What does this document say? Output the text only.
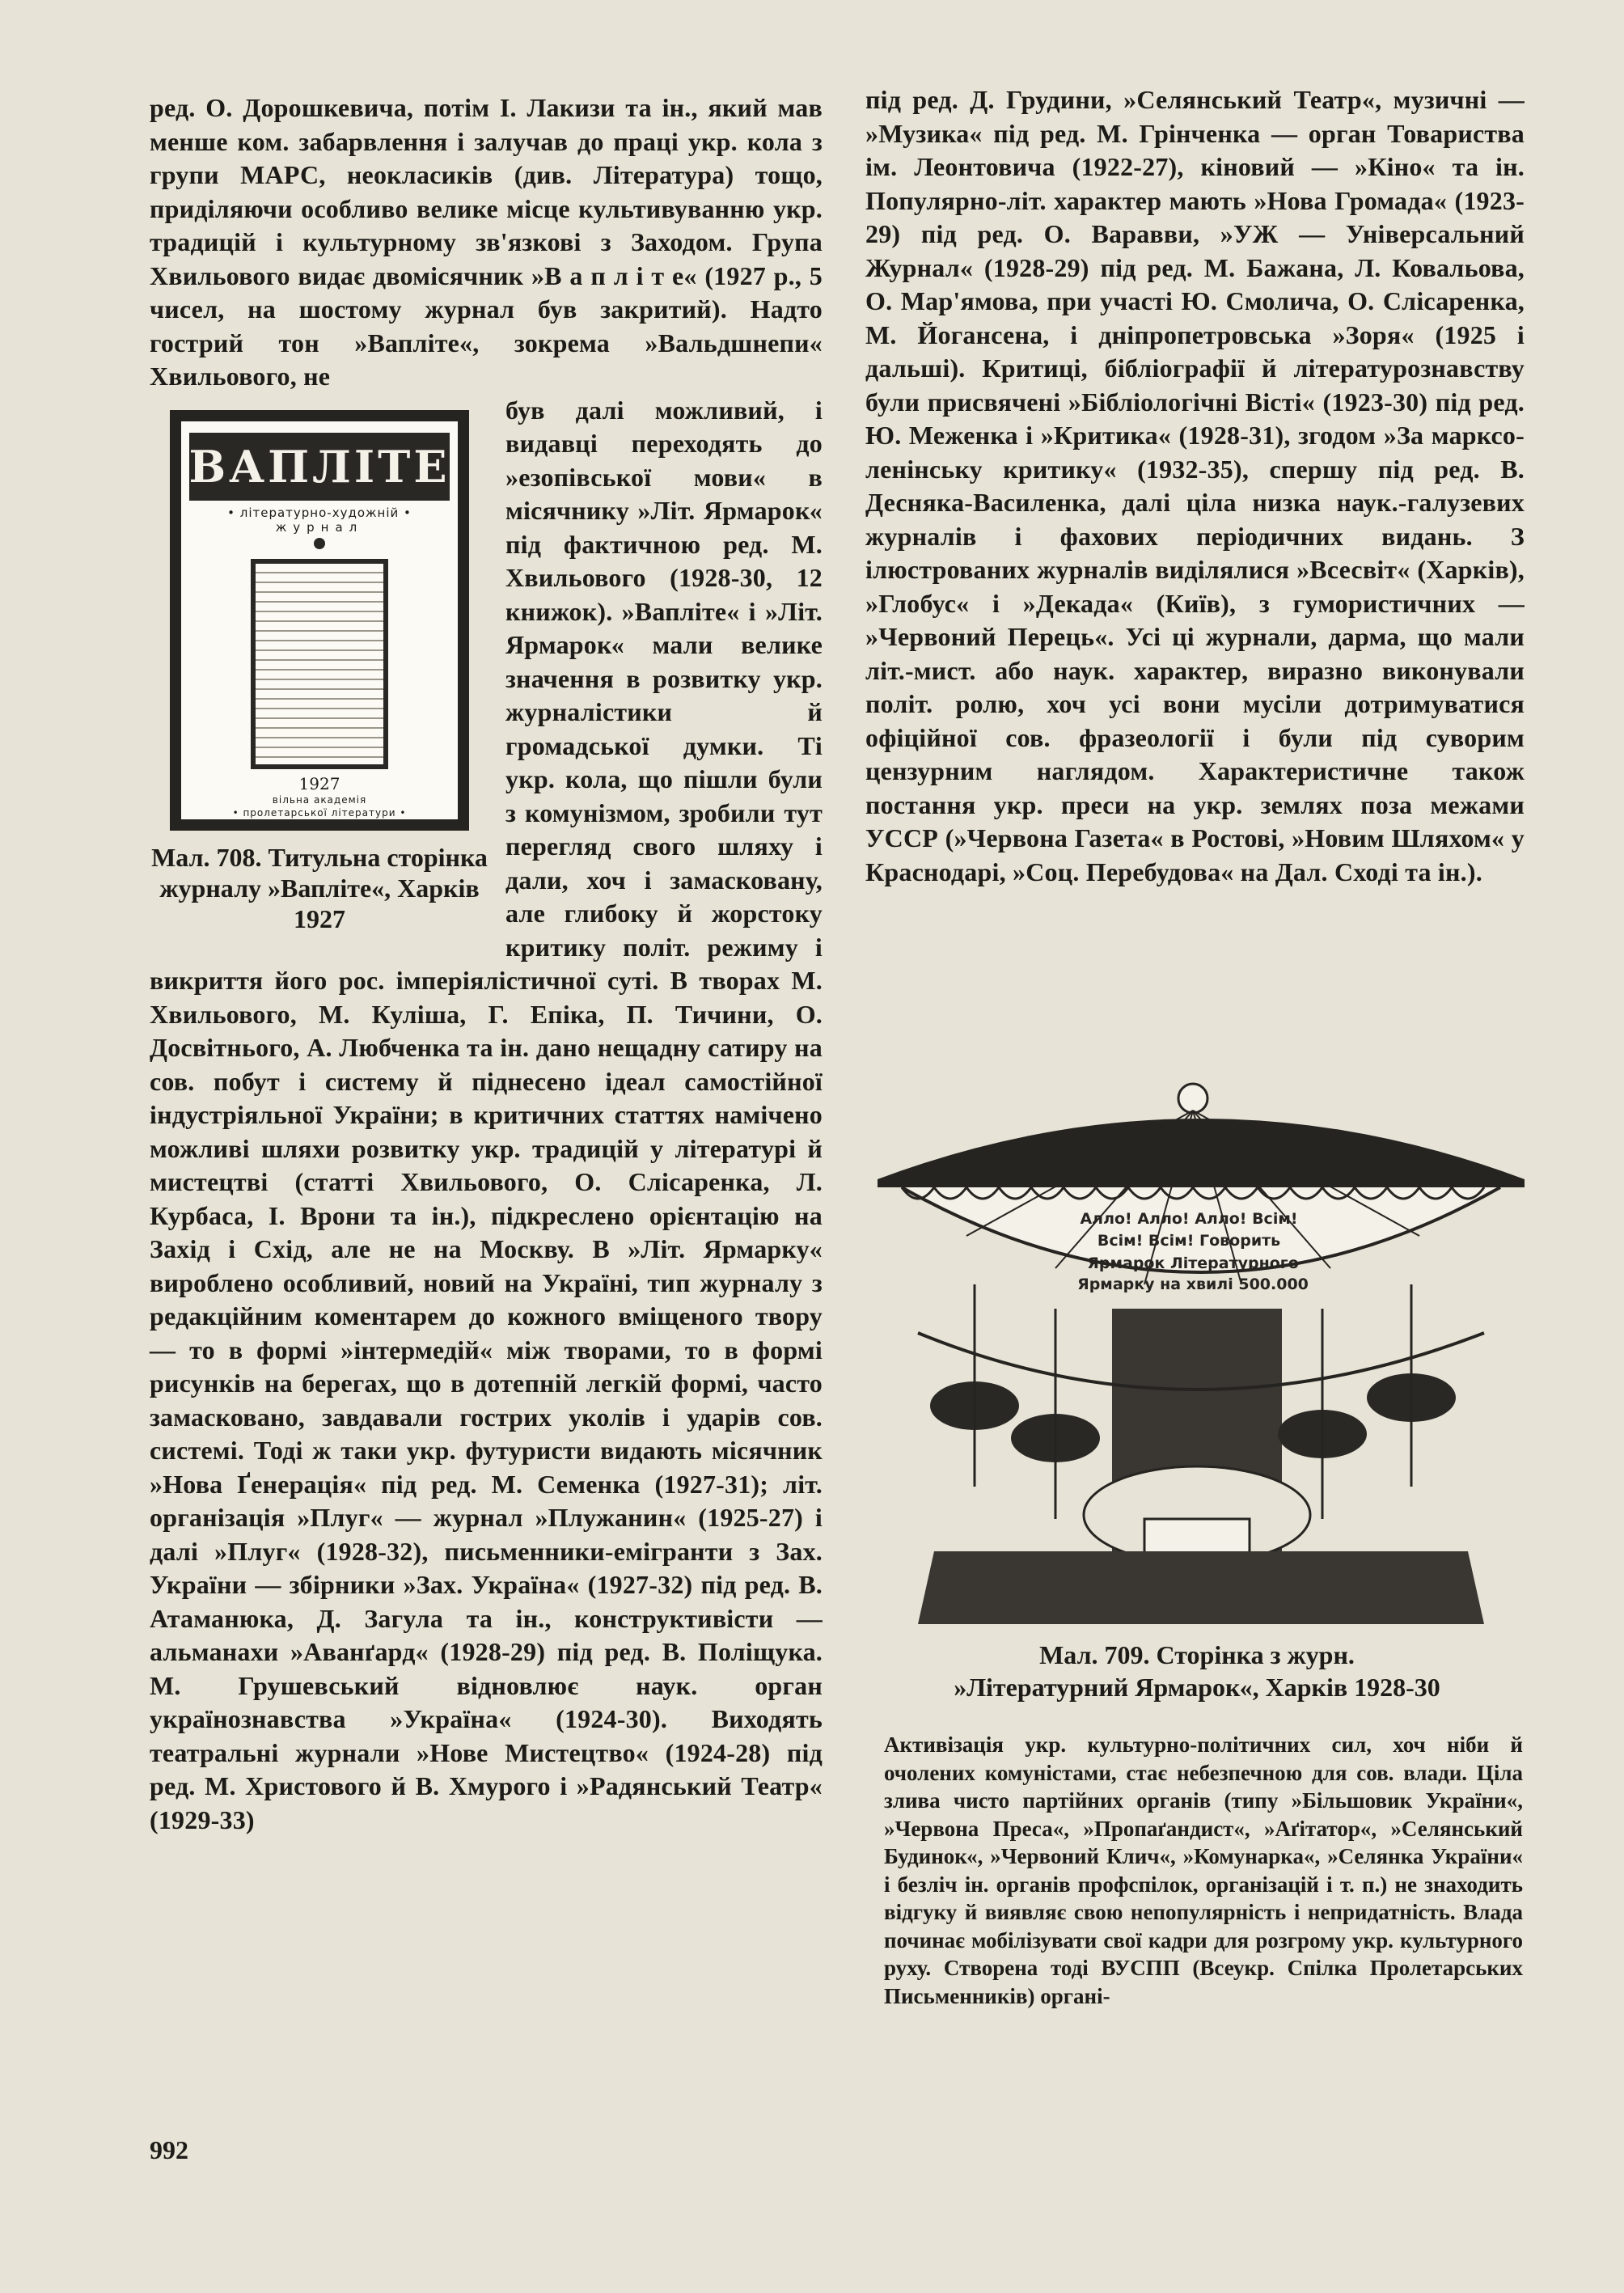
ред. О. Дорошкевича, потім І. Лакизи та ін., який мав менше ком. забарвлення і залучав до праці укр. кола з групи МАРС, неокласиків (див. Література) тощо, приділяючи особливо велике місце культивуванню укр. традицій і культурному зв'язкові з Заходом. Група Хвильового видає двомісячник »В а п л і т е« (1927 р., 5 чисел, на шостому журнал був закритий). Надто гострий тон »Вапліте«, зокрема »Вальдшнепи« Хвильового, не

ВАПЛІТЕ
• літературно-художній •
журнал
1927
вільна академія
• пролетарської літератури •
Мал. 708. Титульна сторінка журналу »Вапліте«, Харків 1927

був далі можливий, і видавці переходять до »езопівської мови« в місячнику »Літ. Ярмарок« під фактичною ред. М. Хвильового (1928-30, 12 книжок). »Вапліте« і »Літ. Ярмарок« мали велике значення в розвитку укр. журналістики й громадської думки. Ті укр. кола, що пішли були з комунізмом, зробили тут перегляд свого шляху і дали, хоч і замасковану, але глибоку й жорстоку критику політ. режиму і викриття його рос. імперіялістичної суті. В творах М. Хвильового, М. Куліша, Г. Епіка, П. Тичини, О. Досвітнього, А. Любченка та ін. дано нещадну сатиру на сов. побут і систему й піднесено ідеал самостійної індустріяльної України; в критичних статтях намічено можливі шляхи розвитку укр. традицій у літературі й мистецтві (статті Хвильового, О. Слісаренка, Л. Курбаса, І. Врони та ін.), підкреслено орієнтацію на Захід і Схід, але не на Москву. В »Літ. Ярмарку« вироблено особливий, новий на Україні, тип журналу з редакційним коментарем до кожного вміщеного твору — то в формі »інтермедій« між творами, то в формі рисунків на берегах, що в дотепній легкій формі, часто замасковано, завдавали гострих уколів і ударів сов. системі. Тоді ж таки укр. футуристи видають місячник »Нова Ґенерація« під ред. М. Семенка (1927-31); літ. організація »Плуг« — журнал »Плужанин« (1925-27) і далі »Плуг« (1928-32), письменники-емігранти з Зах. України — збірники »Зах. Україна« (1927-32) під ред. В. Атаманюка, Д. Загула та ін., конструктивісти — альманахи »Аванґард« (1928-29) під ред. В. Поліщука. М. Грушевський відновлює наук. орган українознавства »Україна« (1924-30). Виходять театральні журнали »Нове Мистецтво« (1924-28) під ред. М. Христового й В. Хмурого і »Радянський Театр« (1929-33)

під ред. Д. Грудини, »Селянський Театр«, музичні — »Музика« під ред. М. Грінченка — орган Товариства ім. Леонтовича (1922-27), кіновий — »Кіно« та ін. Популярно-літ. характер мають »Нова Громада« (1923-29) під ред. О. Варавви, »УЖ — Універсальний Журнал« (1928-29) під ред. М. Бажана, Л. Ковальова, О. Мар'ямова, при участі Ю. Смолича, О. Слісаренка, М. Йогансена, і дніпропетровська »Зоря« (1925 і дальші). Критиці, бібліографії й літературознавству були присвячені »Бібліологічні Вісті« (1923-30) під ред. Ю. Меженка і »Критика« (1928-31), згодом »За марксо-ленінську критику« (1932-35), спершу під ред. В. Десняка-Василенка, далі ціла низка наук.-галузевих журналів і фахових періодичних видань. З ілюстрованих журналів виділялися »Всесвіт« (Харків), »Глобус« і »Декада« (Київ), з гумористичних — »Червоний Перець«. Усі ці журнали, дарма, що мали літ.-мист. або наук. характер, виразно виконували політ. ролю, хоч усі вони мусіли дотримуватися офіційної сов. фразеології і були під суворим цензурним наглядом. Характеристичне також постання укр. преси на укр. землях поза межами УССР (»Червона Газета« в Ростові, »Новим Шляхом« у Краснодарі, »Соц. Перебудова« на Дал. Сході та ін.).

Алло! Алло! Алло! Всім!
Всім! Всім! Говорить
Ярмарок Літературного
Ярмарку на хвилі 500.000
Мал. 709. Сторінка з журн.
»Літературний Ярмарок«, Харків 1928-30
Активізація укр. культурно-політичних сил, хоч ніби й очолених комуністами, стає небезпечною для сов. влади. Ціла злива чисто партійних органів (типу »Більшовик України«, »Червона Преса«, »Пропаґандист«, »Аґітатор«, »Селянський Будинок«, »Червоний Клич«, »Комунарка«, »Селянка України« і безліч ін. органів профспілок, організацій і т. п.) не знаходить відгуку й виявляє свою непопулярність і непридатність. Влада починає мобілізувати свої кадри для розгрому укр. культурного руху. Створена тоді ВУСПП (Всеукр. Спілка Пролетарських Письменників) органі-
992
